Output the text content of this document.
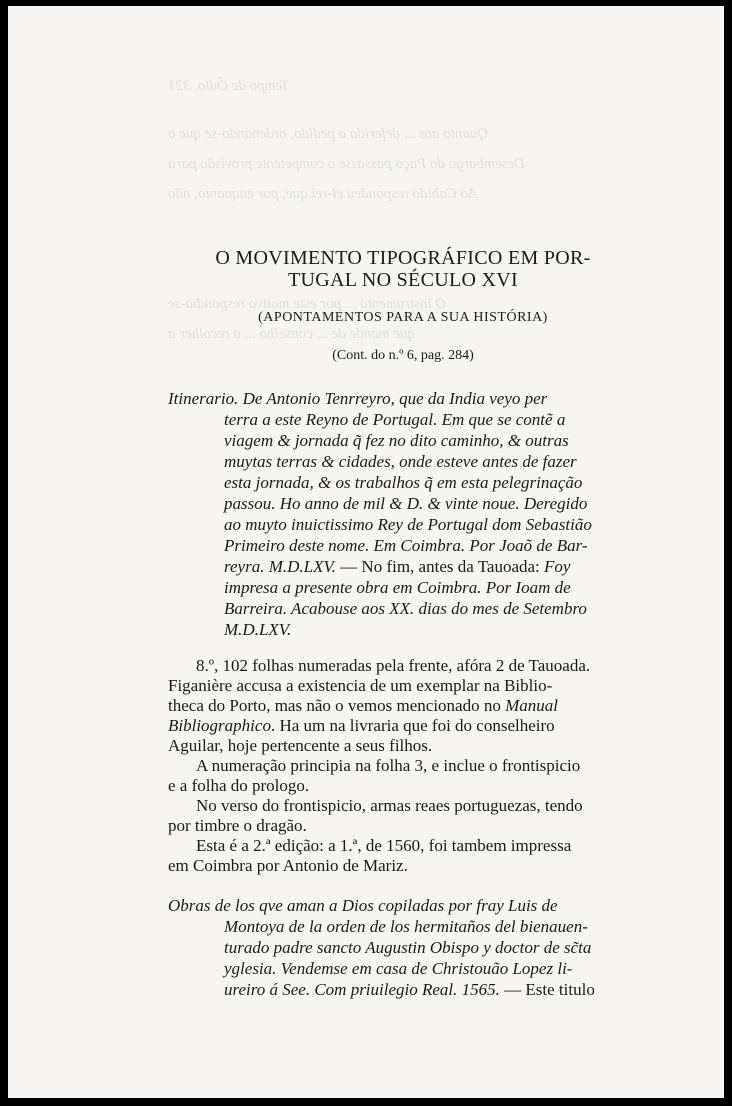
Tempo de Ódio. 321
Quanto aos ... deferida a pedido, ordenando-se que o
Desembargo do Paço passasse o competente provisão para
Ao Cabido respondeu el-rei que, por enquanto, não
O instrumento ... por este motivo respondia-se
que mande de ... conselho ... a recolher a
O MOVIMENTO TIPOGRÁFICO EM POR-
TUGAL NO SÉCULO XVI
(APONTAMENTOS PARA A SUA HISTÓRIA)
(Cont. do n.º 6, pag. 284)
Itinerario. De Antonio Tenrreyro, que da India veyo per
terra a este Reyno de Portugal. Em que se contẽ a
viagem & jornada q̃ fez no dito caminho, & outras
muytas terras & cidades, onde esteve antes de fazer
esta jornada, & os trabalhos q̃ em esta pelegrinação
passou. Ho anno de mil & D. & vinte noue. Deregido
ao muyto inuictissimo Rey de Portugal dom Sebastião
Primeiro deste nome. Em Coimbra. Por Joaõ de Bar-
reyra. M.D.LXV. — No fim, antes da Tauoada: Foy
impresa a presente obra em Coimbra. Por Ioam de
Barreira. Acabouse aos XX. dias do mes de Setembro
M.D.LXV.
8.º, 102 folhas numeradas pela frente, afóra 2 de Tauoada.
Figanière accusa a existencia de um exemplar na Biblio-
theca do Porto, mas não o vemos mencionado no Manual
Bibliographico. Ha um na livraria que foi do conselheiro
Aguilar, hoje pertencente a seus filhos.
A numeração principia na folha 3, e inclue o frontispicio
e a folha do prologo.
No verso do frontispicio, armas reaes portuguezas, tendo
por timbre o dragão.
Esta é a 2.ª edição: a 1.ª, de 1560, foi tambem impressa
em Coimbra por Antonio de Mariz.
Obras de los qve aman a Dios copiladas por fray Luis de
Montoya de la orden de los hermitaños del bienauen-
turado padre sancto Augustin Obispo y doctor de sc̃ta
yglesia. Vendemse em casa de Christouão Lopez li-
ureiro á See. Com priuilegio Real. 1565. — Este titulo
